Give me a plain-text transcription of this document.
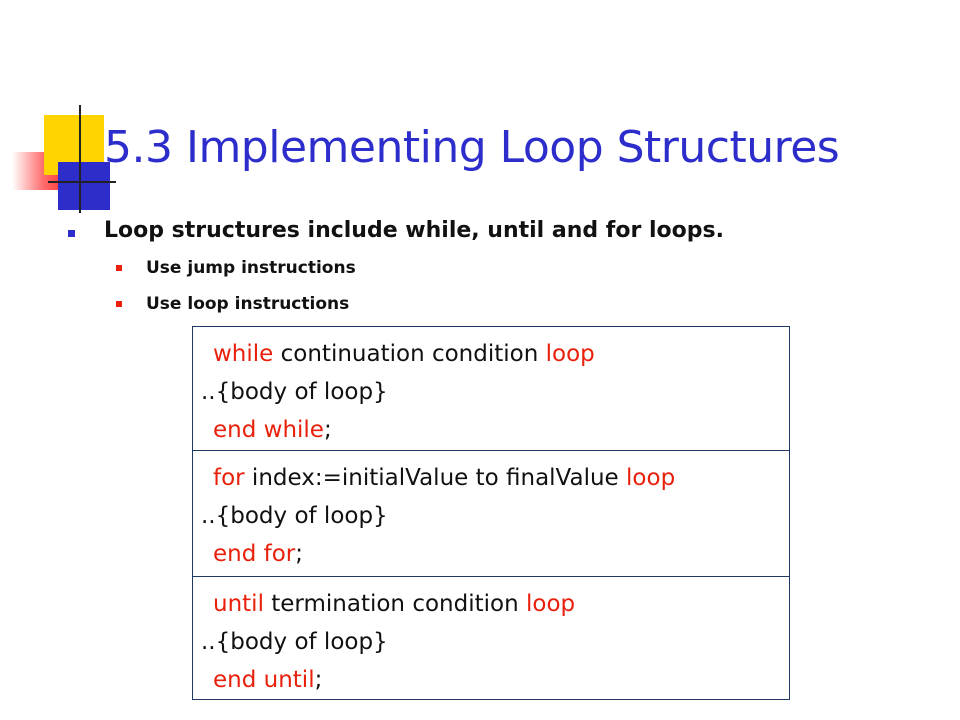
5.3 Implementing Loop Structures

Loop structures include while, until and for loops.

Use jump instructions

Use loop instructions

while continuation condition loop
..{body of loop}
end while;
for index:=initialValue to finalValue loop
..{body of loop}
end for;
until termination condition loop
..{body of loop}
end until;
